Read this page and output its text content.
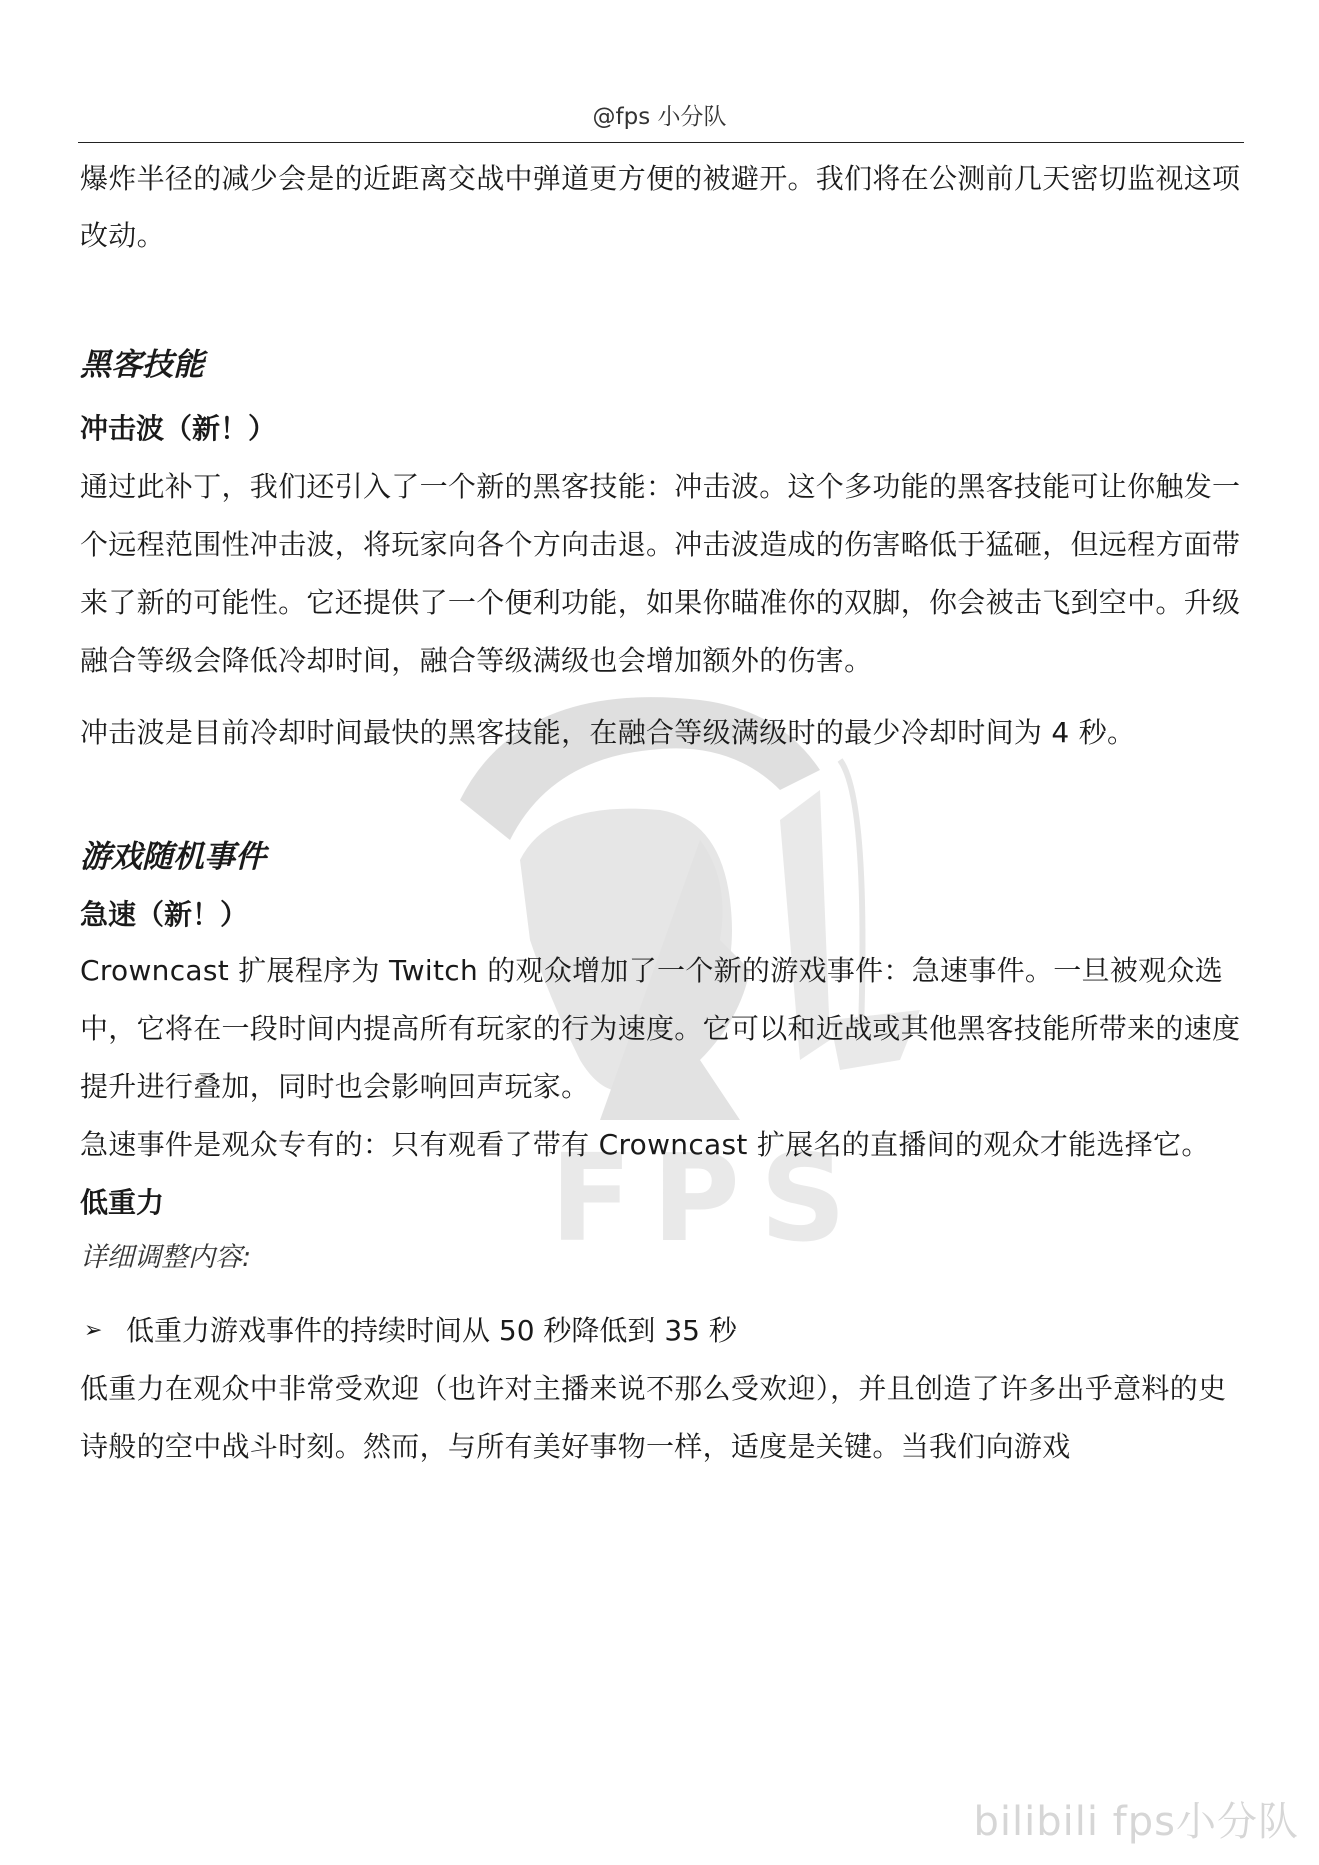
@fps 小分队
FPS

爆炸半径的减少会是的近距离交战中弹道更方便的被避开。我们将在公测前几天密切监视这项改动。

黑客技能
冲击波（新！）

通过此补丁，我们还引入了一个新的黑客技能：冲击波。这个多功能的黑客技能可让你触发一个远程范围性冲击波，将玩家向各个方向击退。冲击波造成的伤害略低于猛砸，但远程方面带来了新的可能性。它还提供了一个便利功能，如果你瞄准你的双脚，你会被击飞到空中。升级融合等级会降低冷却时间，融合等级满级也会增加额外的伤害。

冲击波是目前冷却时间最快的黑客技能，在融合等级满级时的最少冷却时间为 4 秒。

游戏随机事件
急速（新！）

Crowncast 扩展程序为 Twitch 的观众增加了一个新的游戏事件：急速事件。一旦被观众选中，它将在一段时间内提高所有玩家的行为速度。它可以和近战或其他黑客技能所带来的速度提升进行叠加，同时也会影响回声玩家。

急速事件是观众专有的：只有观看了带有 Crowncast 扩展名的直播间的观众才能选择它。

低重力

详细调整内容:

➢ 低重力游戏事件的持续时间从 50 秒降低到 35 秒

低重力在观众中非常受欢迎（也许对主播来说不那么受欢迎），并且创造了许多出乎意料的史诗般的空中战斗时刻。然而，与所有美好事物一样，适度是关键。当我们向游戏

bilibili fps小分队
